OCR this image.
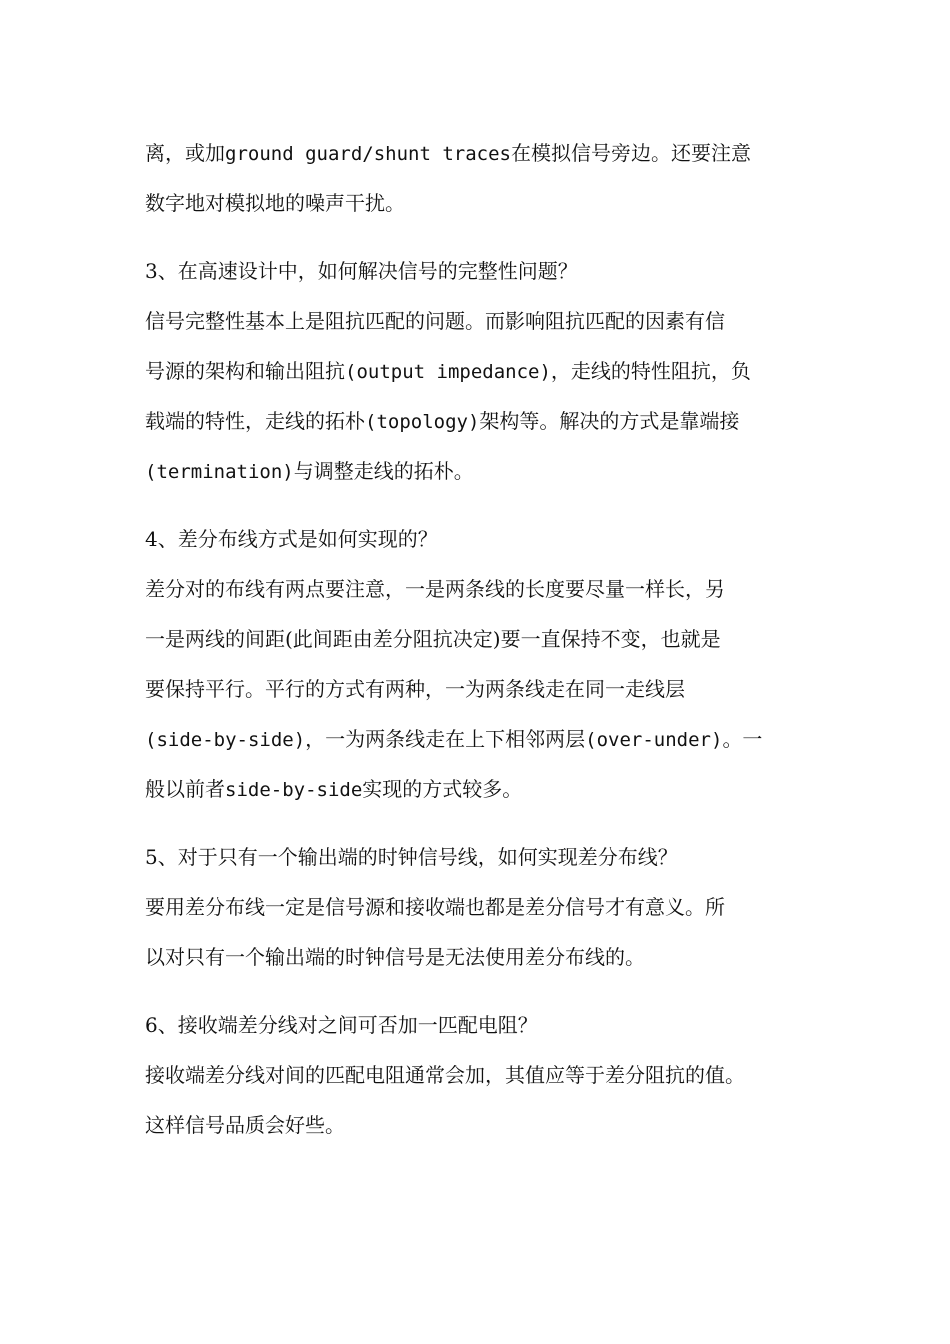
离，或加ground guard/shunt traces在模拟信号旁边。还要注意
数字地对模拟地的噪声干扰。
3、在高速设计中，如何解决信号的完整性问题？
信号完整性基本上是阻抗匹配的问题。而影响阻抗匹配的因素有信
号源的架构和输出阻抗(output impedance)，走线的特性阻抗，负
载端的特性，走线的拓朴(topology)架构等。解决的方式是靠端接
(termination)与调整走线的拓朴。
4、差分布线方式是如何实现的？
差分对的布线有两点要注意，一是两条线的长度要尽量一样长，另
一是两线的间距(此间距由差分阻抗决定)要一直保持不变，也就是
要保持平行。平行的方式有两种，一为两条线走在同一走线层
(side-by-side)，一为两条线走在上下相邻两层(over-under)。一
般以前者side-by-side实现的方式较多。
5、对于只有一个输出端的时钟信号线，如何实现差分布线？
要用差分布线一定是信号源和接收端也都是差分信号才有意义。所
以对只有一个输出端的时钟信号是无法使用差分布线的。
6、接收端差分线对之间可否加一匹配电阻？
接收端差分线对间的匹配电阻通常会加，其值应等于差分阻抗的值。
这样信号品质会好些。
